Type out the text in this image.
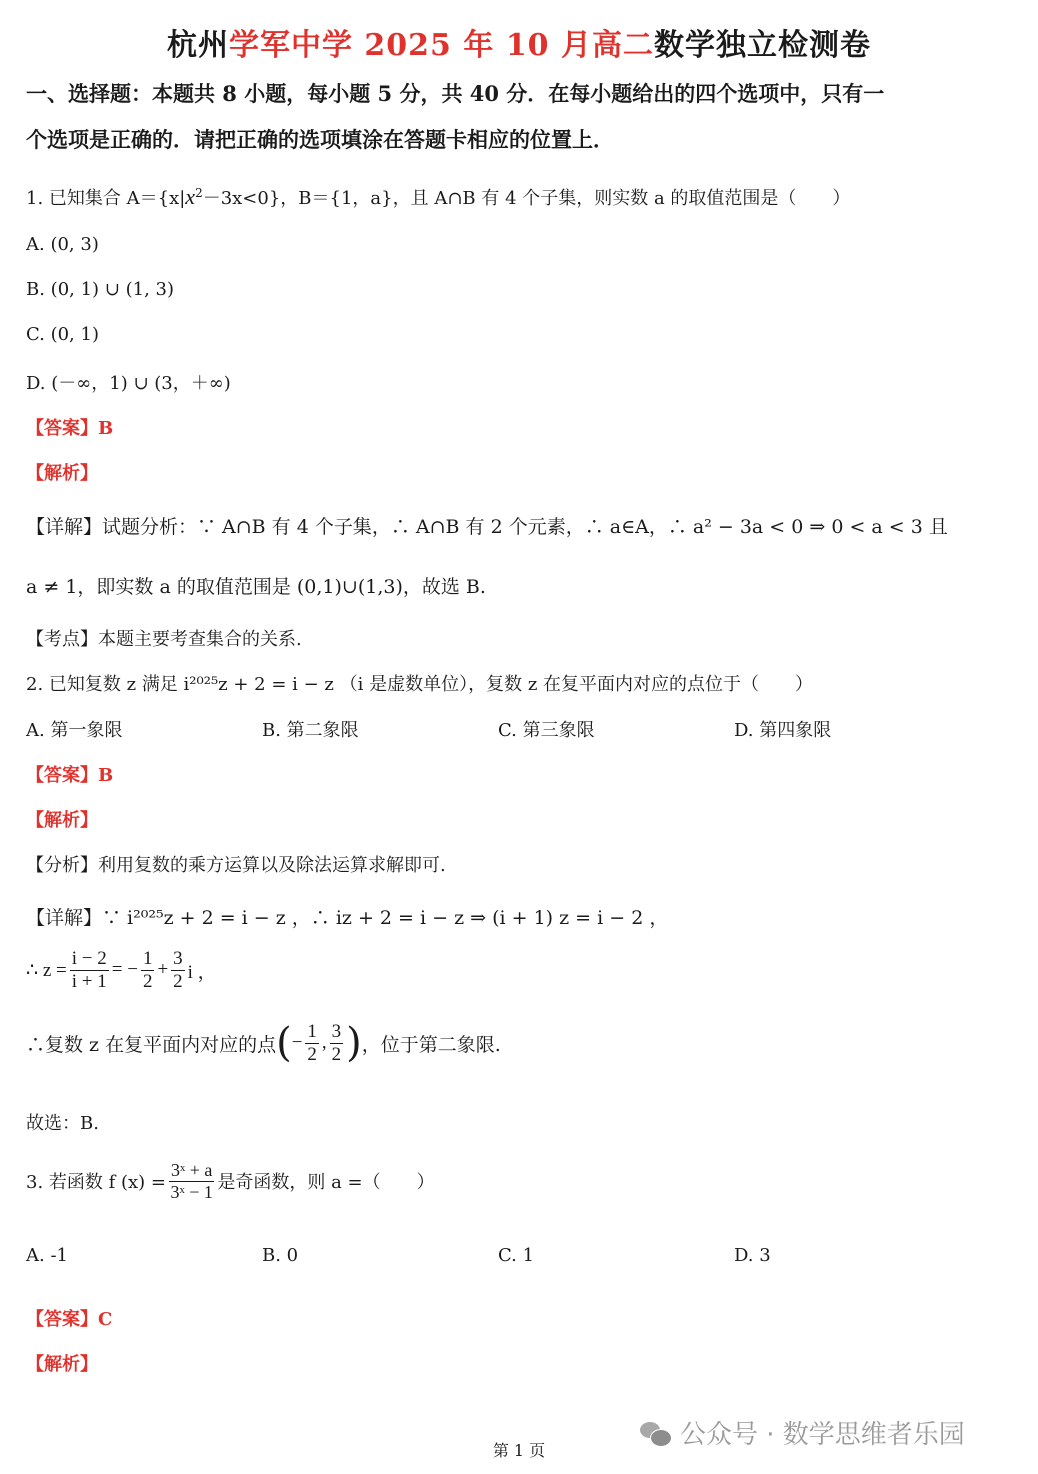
杭州学军中学 2025 年 10 月高二数学独立检测卷
一、选择题：本题共 8 小题，每小题 5 分，共 40 分．在每小题给出的四个选项中，只有一
个选项是正确的．请把正确的选项填涂在答题卡相应的位置上．
1. 已知集合 $A=\{x|x^2-3x<0\}$，B＝{1，a}，且 A∩B 有 4 个子集，则实数 a 的取值范围是（　　）
A. (0, 3)
B. (0, 1) ∪ (1, 3)
C. (0, 1)
D. (－∞，1) ∪ (3，＋∞)
【答案】B
【解析】
【详解】试题分析：∵ A∩B 有 4 个子集，∴ A∩B 有 2 个元素，∴ a∈A，∴ a² − 3a < 0 ⇒ 0 < a < 3 且
a ≠ 1，即实数 a 的取值范围是 (0,1)∪(1,3)，故选 B.
【考点】本题主要考查集合的关系.
2. 已知复数 z 满足 i²⁰²⁵z + 2 = i − z （i 是虚数单位），复数 z 在复平面内对应的点位于（　　）
A. 第一象限	B. 第二象限	C. 第三象限	D. 第四象限
【答案】B
【解析】
【分析】利用复数的乘方运算以及除法运算求解即可.
【详解】∵ i²⁰²⁵z + 2 = i − z ，∴ iz + 2 = i − z ⇒ (i + 1) z = i − 2 ，
∴ $z = \frac{i - 2}{i + 1}$ = − $\frac{1}{2} + \frac{3}{2}$ i ，
∴复数 z 在复平面内对应的点 ( − $\frac{1}{2}$ , $\frac{3}{2}$ ) ，位于第二象限.
故选：B.
3. 若函数 f $(x) = \frac{\text{3ˣ + a}}{\text{3ˣ − 1}}$ 是奇函数，则 a =（　　）
A. -1	B. 0	C. 1	D. 3
【答案】C
【解析】
公众号 · 数学思维者乐园
第 1 页
